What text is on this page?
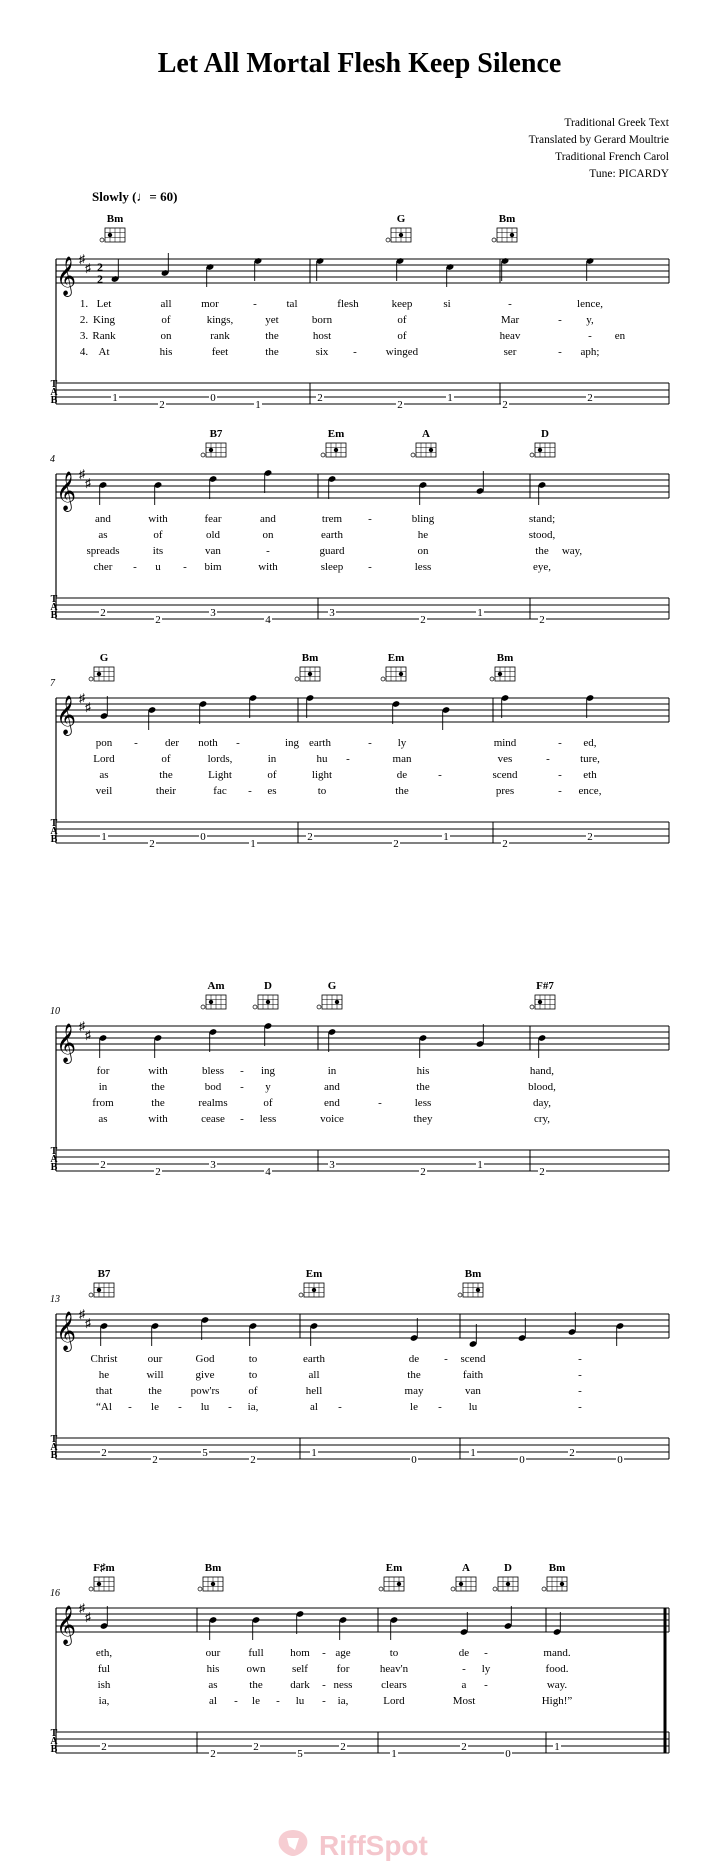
Let All Mortal Flesh Keep Silence
Traditional Greek Text
Translated by Gerard Moultrie
Traditional French Carol
Tune: PICARDY
Slowly (♩= 60)
𝄞 ♯
♯ 2
2
T
A
B
Bm	G	Bm
1.
2.
3.
4.
Let	all	mor	-	tal	flesh	keep	si	-	lence,
King	of	kings,	yet	born	of	Mar	- y,
Rank	on	rank	the	host	of	heav	- en
At	his	feet	the	six -	winged	ser	- aph;
1
2
0
1
2
2
1
2
2
𝄞 ♯
♯
T
A
B
4
B7	Em	A	D
and	with	fear	and	trem -	bling	stand;
as	of	old	on	earth	he	stood,
spreads	its	van	-	guard	on	the way,
cher - u - bim	with	sleep -	less	eye,
2
2
3
4
3
2
1
2
𝄞 ♯
♯
T
A
B
7
G	Bm	Em	Bm
pon - der noth -	ing earth	- ly	mind	- ed,
Lord	of	lords,	in	hu -	man	ves	-	ture,
as	the	Light	of	light	de	-	scend	- eth
veil	their	fac - es	to	the	pres	- ence,
1
2
0
1
2
2
1
2
2
𝄞 ♯
♯
T
A
B
10
Am	D	G	F#7
for	with	bless - ing	in	his	hand,
in	the	bod - y	and	the	blood,
from	the	realms	of	end	-	less	day,
as	with	cease - less	voice	they	cry,
2
2
3
4
3
2
1
2
𝄞 ♯
♯
T
A
B
13
B7	Em	Bm
Christ	our	God	to	earth	de - scend	-
he	will	give	to	all	the	faith	-
that	the	pow'rs	of	hell	may	van	-
“Al - le - lu - ia,	al -	le - lu	-
2
2
5
2
1
0
1
0
2
0
𝄞 ♯
♯
T
A
B
16
F♯m	Bm	Em	A	D	Bm
eth,	our	full hom - age	to	de -	mand.
ful	his own self	for	heav'n	- ly	food.
ish	as	the	dark - ness	clears	a -	way.
ia,	al - le - lu - ia,	Lord	Most	High!”
2
2
2
5
2
1
2
0
1
RiffSpot
